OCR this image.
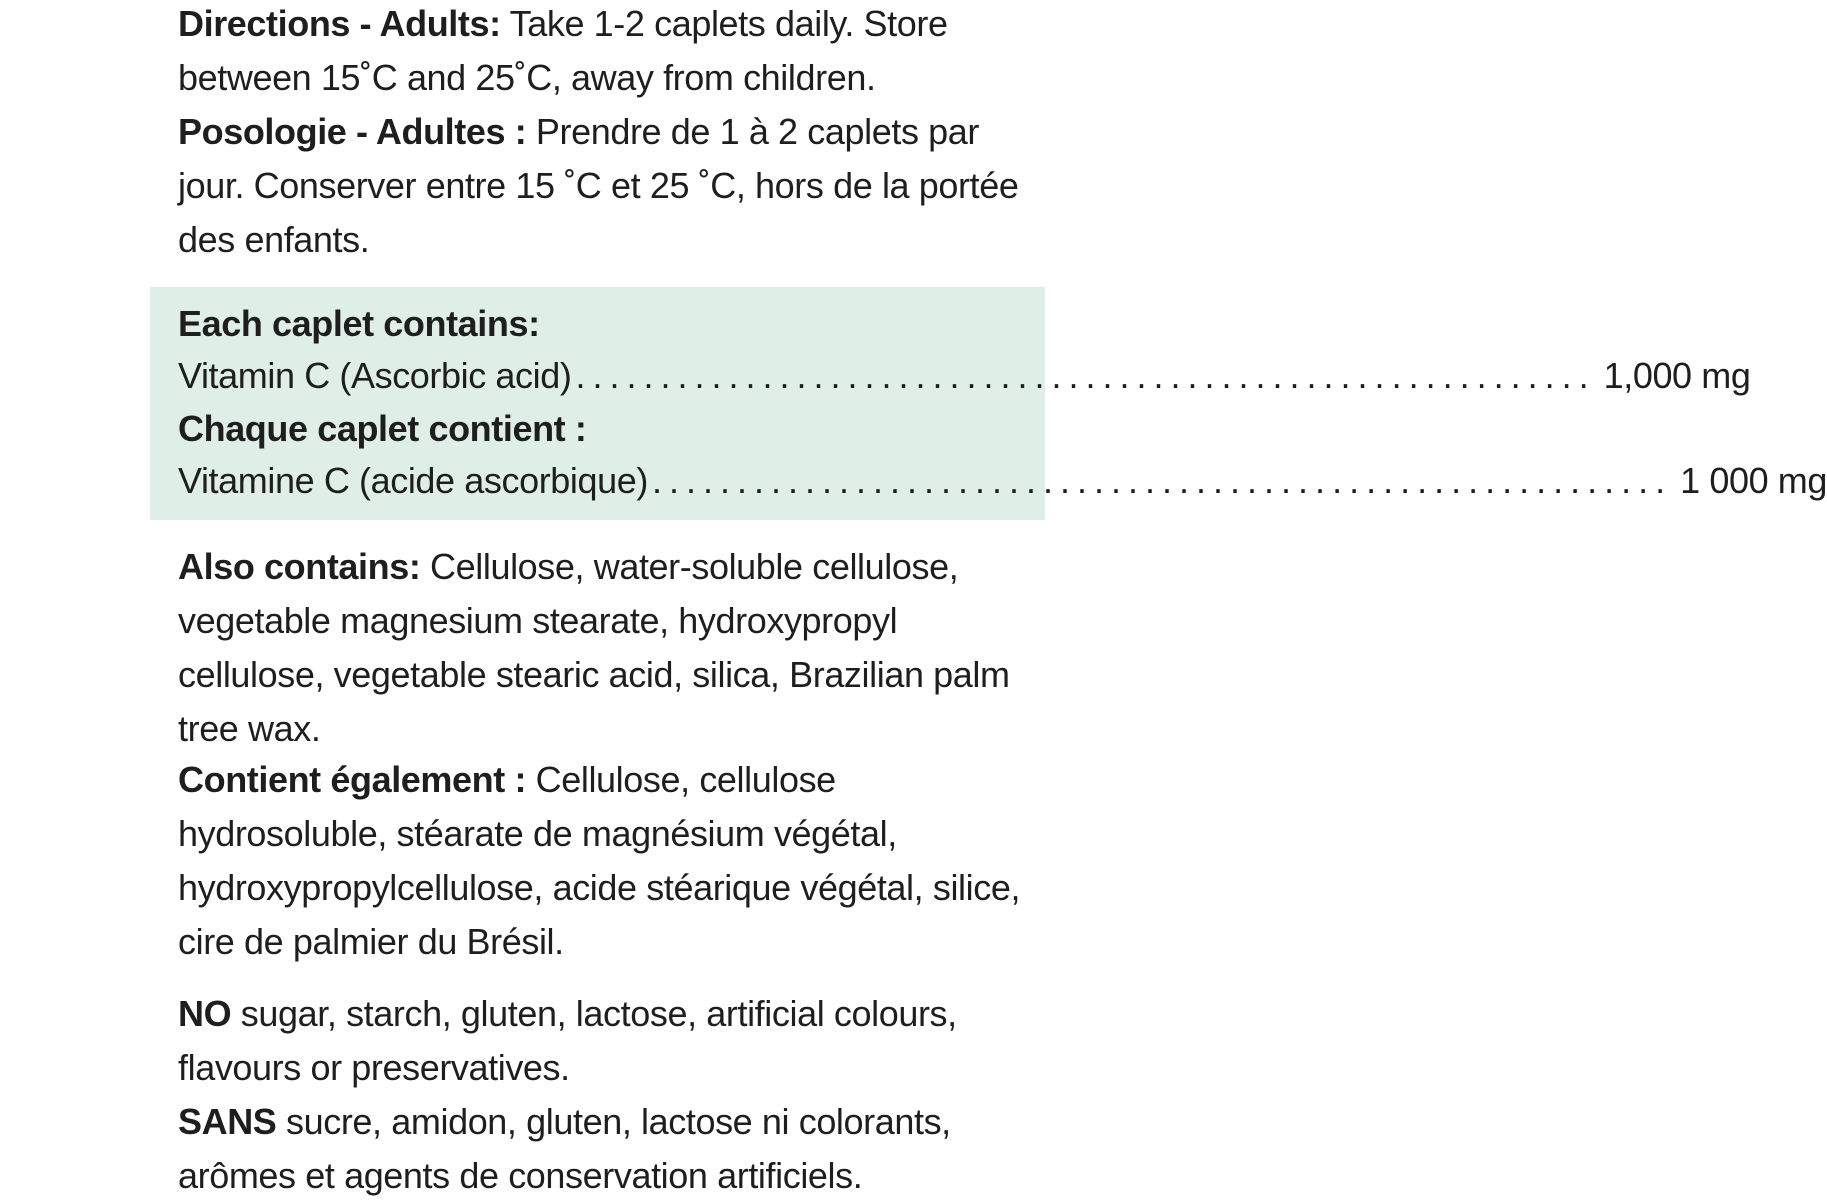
Directions - Adults: Take 1-2 caplets daily. Store between 15˚C and 25˚C, away from children.

Posologie - Adultes : Prendre de 1 à 2 caplets par jour. Conserver entre 15 ˚C et 25 ˚C, hors de la portée des enfants.

Each caplet contains:
Vitamin C (Ascorbic acid) ............................................................ 1,000 mg
Chaque caplet contient :
Vitamine C (acide ascorbique) ............................................................ 1 000 mg

Also contains: Cellulose, water-soluble cellulose, vegetable magnesium stearate, hydroxypropyl cellulose, vegetable stearic acid, silica, Brazilian palm tree wax.

Contient également : Cellulose, cellulose hydrosoluble, stéarate de magnésium végétal, hydroxypropylcellulose, acide stéarique végétal, silice, cire de palmier du Brésil.

NO sugar, starch, gluten, lactose, artificial colours, flavours or preservatives.

SANS sucre, amidon, gluten, lactose ni colorants, arômes et agents de conservation artificiels.
